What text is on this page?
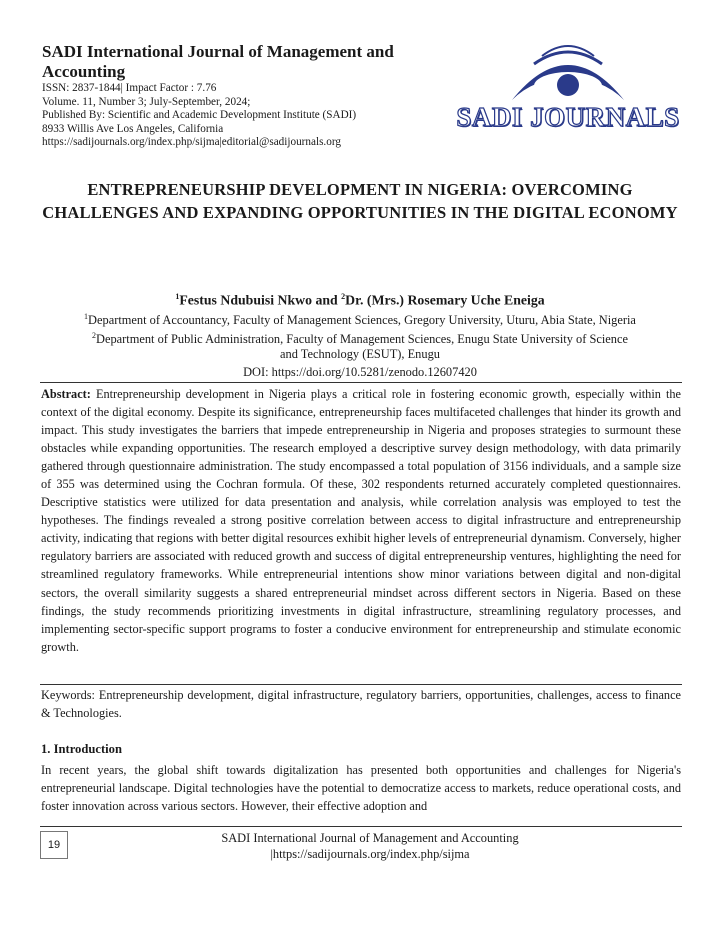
SADI International Journal of Management and Accounting

ISSN: 2837-1844| Impact Factor : 7.76

Volume. 11, Number 3; July-September, 2024;

Published By: Scientific and Academic Development Institute (SADI)

8933 Willis Ave Los Angeles, California

https://sadijournals.org/index.php/sijma|editorial@sadijournals.org

SADI JOURNALS
ENTREPRENEURSHIP DEVELOPMENT IN NIGERIA: OVERCOMING CHALLENGES AND EXPANDING OPPORTUNITIES IN THE DIGITAL ECONOMY
$^1$Festus Ndubuisi Nkwo and $^2$Dr. (Mrs.) Rosemary Uche Eneiga
$^1$Department of Accountancy, Faculty of Management Sciences, Gregory University, Uturu, Abia State, Nigeria
$^2$Department of Public Administration, Faculty of Management Sciences, Enugu State University of Science
and Technology (ESUT), Enugu
DOI: https://doi.org/10.5281/zenodo.12607420

Abstract: Entrepreneurship development in Nigeria plays a critical role in fostering economic growth, especially within the context of the digital economy. Despite its significance, entrepreneurship faces multifaceted challenges that hinder its growth and impact. This study investigates the barriers that impede entrepreneurship in Nigeria and proposes strategies to surmount these obstacles while expanding opportunities. The research employed a descriptive survey design methodology, with data primarily gathered through questionnaire administration. The study encompassed a total population of 3156 individuals, and a sample size of 355 was determined using the Cochran formula. Of these, 302 respondents returned accurately completed questionnaires. Descriptive statistics were utilized for data presentation and analysis, while correlation analysis was employed to test the hypotheses. The findings revealed a strong positive correlation between access to digital infrastructure and entrepreneurship activity, indicating that regions with better digital resources exhibit higher levels of entrepreneurial dynamism. Conversely, higher regulatory barriers are associated with reduced growth and success of digital entrepreneurship ventures, highlighting the need for streamlined regulatory frameworks. While entrepreneurial intentions show minor variations between digital and non-digital sectors, the overall similarity suggests a shared entrepreneurial mindset across different sectors in Nigeria. Based on these findings, the study recommends prioritizing investments in digital infrastructure, streamlining regulatory processes, and implementing sector-specific support programs to foster a conducive environment for entrepreneurship and stimulate economic growth.

Keywords: Entrepreneurship development, digital infrastructure, regulatory barriers, opportunities, challenges, access to finance & Technologies.

1. Introduction

In recent years, the global shift towards digitalization has presented both opportunities and challenges for Nigeria's entrepreneurial landscape. Digital technologies have the potential to democratize access to markets, reduce operational costs, and foster innovation across various sectors. However, their effective adoption and

19	SADI International Journal of Management and Accounting
|https://sadijournals.org/index.php/sijma
